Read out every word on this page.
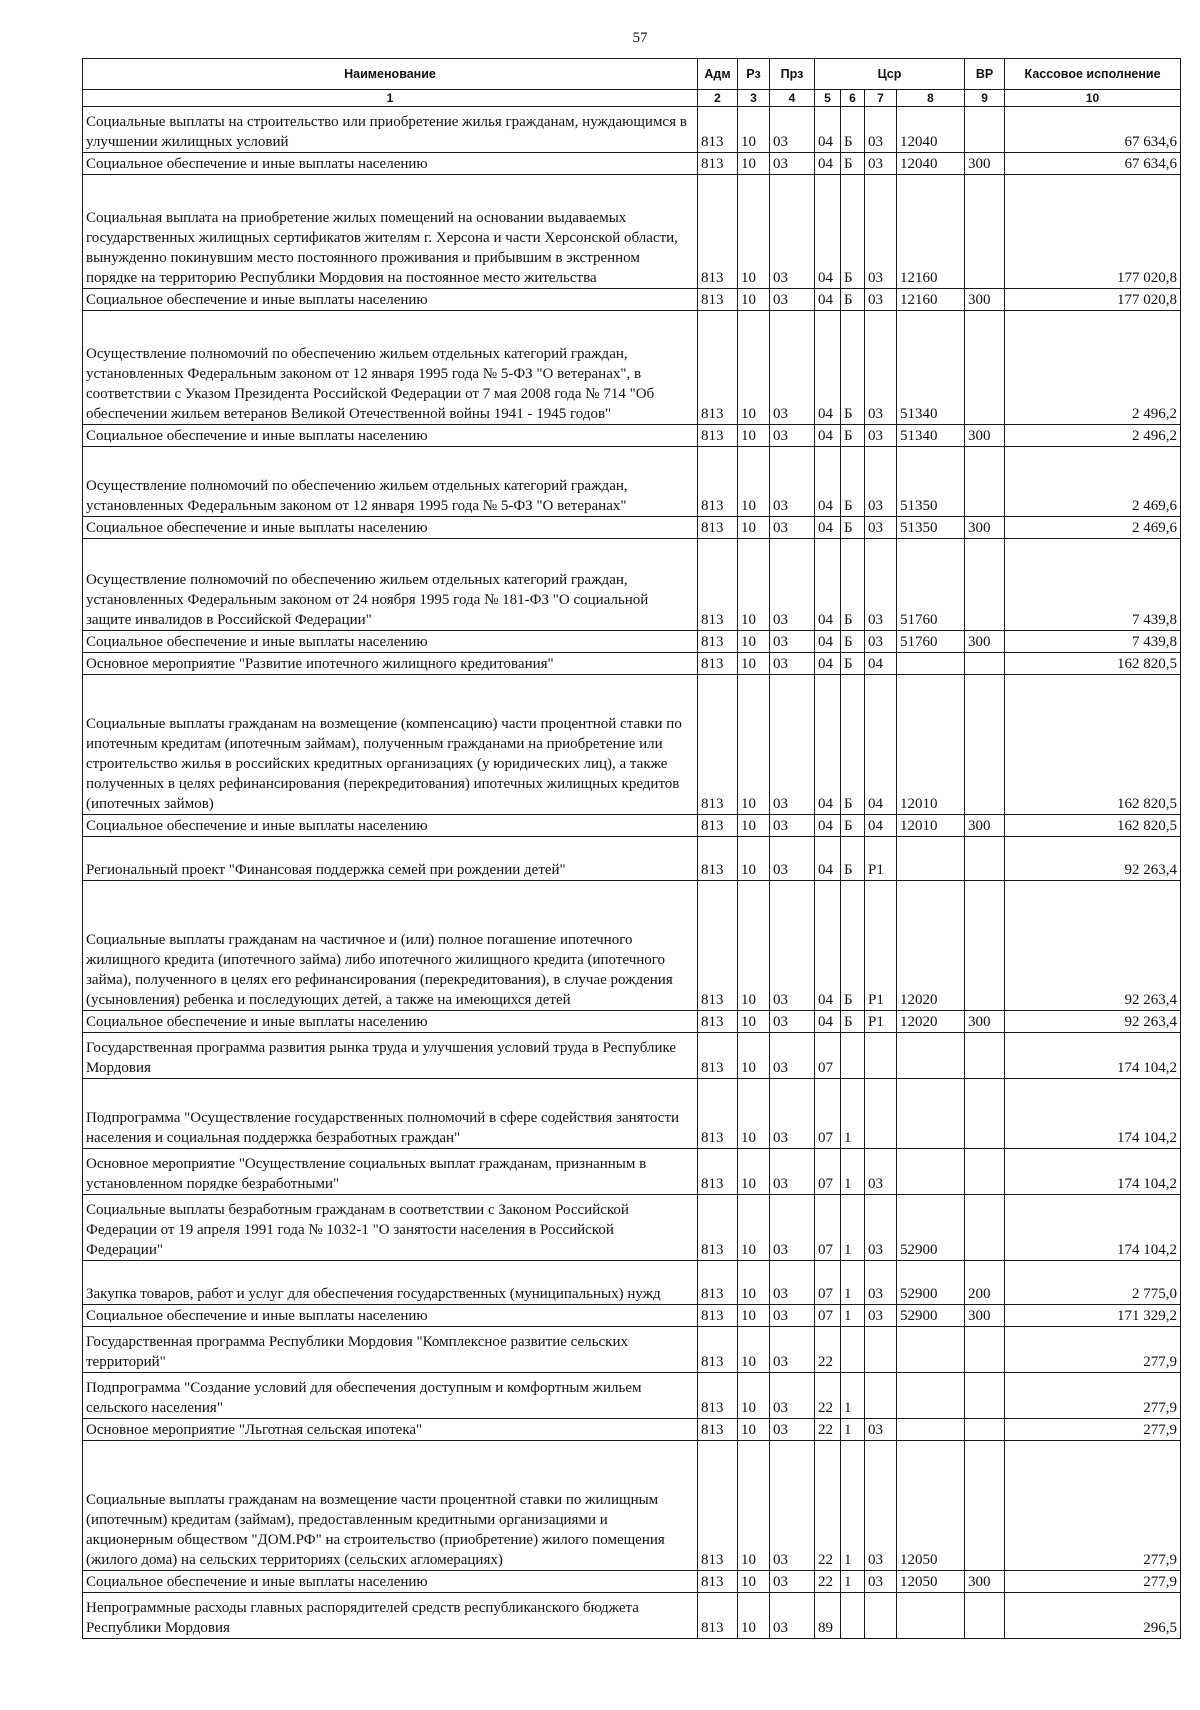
57
Наименование	Адм	Рз	Прз	Цср				ВР	Кассовое исполнение
1	2	3	4	5	6	7	8	9	10
Социальные выплаты на строительство или приобретение жилья гражданам, нуждающимся в улучшении жилищных условий	813	10	03	04	Б	03	12040		67 634,6
Социальное обеспечение и иные выплаты населению	813	10	03	04	Б	03	12040	300	67 634,6
Социальная выплата на приобретение жилых помещений на основании выдаваемых государственных жилищных сертификатов жителям г. Херсона и части Херсонской области, вынужденно покинувшим место постоянного проживания и прибывшим в экстренном порядке на территорию Республики Мордовия на постоянное место жительства	813	10	03	04	Б	03	12160		177 020,8
Социальное обеспечение и иные выплаты населению	813	10	03	04	Б	03	12160	300	177 020,8
Осуществление полномочий по обеспечению жильем отдельных категорий граждан, установленных Федеральным законом от 12 января 1995 года № 5-ФЗ "О ветеранах", в соответствии с Указом Президента Российской Федерации от 7 мая 2008 года № 714 "Об обеспечении жильем ветеранов Великой Отечественной войны 1941 - 1945 годов"	813	10	03	04	Б	03	51340		2 496,2
Социальное обеспечение и иные выплаты населению	813	10	03	04	Б	03	51340	300	2 496,2
Осуществление полномочий по обеспечению жильем отдельных категорий граждан, установленных Федеральным законом от 12 января 1995 года № 5-ФЗ "О ветеранах"	813	10	03	04	Б	03	51350		2 469,6
Социальное обеспечение и иные выплаты населению	813	10	03	04	Б	03	51350	300	2 469,6
Осуществление полномочий по обеспечению жильем отдельных категорий граждан, установленных Федеральным законом от 24 ноября 1995 года № 181-ФЗ "О социальной защите инвалидов в Российской Федерации"	813	10	03	04	Б	03	51760		7 439,8
Социальное обеспечение и иные выплаты населению	813	10	03	04	Б	03	51760	300	7 439,8
Основное мероприятие "Развитие ипотечного жилищного кредитования"	813	10	03	04	Б	04			162 820,5
Социальные выплаты гражданам на возмещение (компенсацию) части процентной ставки по ипотечным кредитам (ипотечным займам), полученным гражданами на приобретение или строительство жилья в российских кредитных организациях (у юридических лиц), а также полученных в целях рефинансирования (перекредитования) ипотечных жилищных кредитов (ипотечных займов)	813	10	03	04	Б	04	12010		162 820,5
Социальное обеспечение и иные выплаты населению	813	10	03	04	Б	04	12010	300	162 820,5
Региональный проект "Финансовая поддержка семей при рождении детей"	813	10	03	04	Б	P1			92 263,4
Социальные выплаты гражданам на частичное и (или) полное погашение ипотечного жилищного кредита (ипотечного займа) либо ипотечного жилищного кредита (ипотечного займа), полученного в целях его рефинансирования (перекредитования), в случае рождения (усыновления) ребенка и последующих детей, а также на имеющихся детей	813	10	03	04	Б	P1	12020		92 263,4
Социальное обеспечение и иные выплаты населению	813	10	03	04	Б	P1	12020	300	92 263,4
Государственная программа развития рынка труда и улучшения условий труда в Республике Мордовия	813	10	03	07					174 104,2
Подпрограмма "Осуществление государственных полномочий в сфере содействия занятости населения и социальная поддержка безработных граждан"	813	10	03	07	1				174 104,2
Основное мероприятие "Осуществление социальных выплат гражданам, признанным в установленном порядке безработными"	813	10	03	07	1	03			174 104,2
Социальные выплаты безработным гражданам в соответствии с Законом Российской Федерации от 19 апреля 1991 года № 1032-1 "О занятости населения в Российской Федерации"	813	10	03	07	1	03	52900		174 104,2
Закупка товаров, работ и услуг для обеспечения государственных (муниципальных) нужд	813	10	03	07	1	03	52900	200	2 775,0
Социальное обеспечение и иные выплаты населению	813	10	03	07	1	03	52900	300	171 329,2
Государственная программа Республики Мордовия "Комплексное развитие сельских территорий"	813	10	03	22					277,9
Подпрограмма "Создание условий для обеспечения доступным и комфортным жильем сельского населения"	813	10	03	22	1				277,9
Основное мероприятие "Льготная сельская ипотека"	813	10	03	22	1	03			277,9
Социальные выплаты гражданам на возмещение части процентной ставки по жилищным (ипотечным) кредитам (займам), предоставленным кредитными организациями и акционерным обществом "ДОМ.РФ" на строительство (приобретение) жилого помещения (жилого дома) на сельских территориях (сельских агломерациях)	813	10	03	22	1	03	12050		277,9
Социальное обеспечение и иные выплаты населению	813	10	03	22	1	03	12050	300	277,9
Непрограммные расходы главных распорядителей средств республиканского бюджета Республики Мордовия	813	10	03	89					296,5
